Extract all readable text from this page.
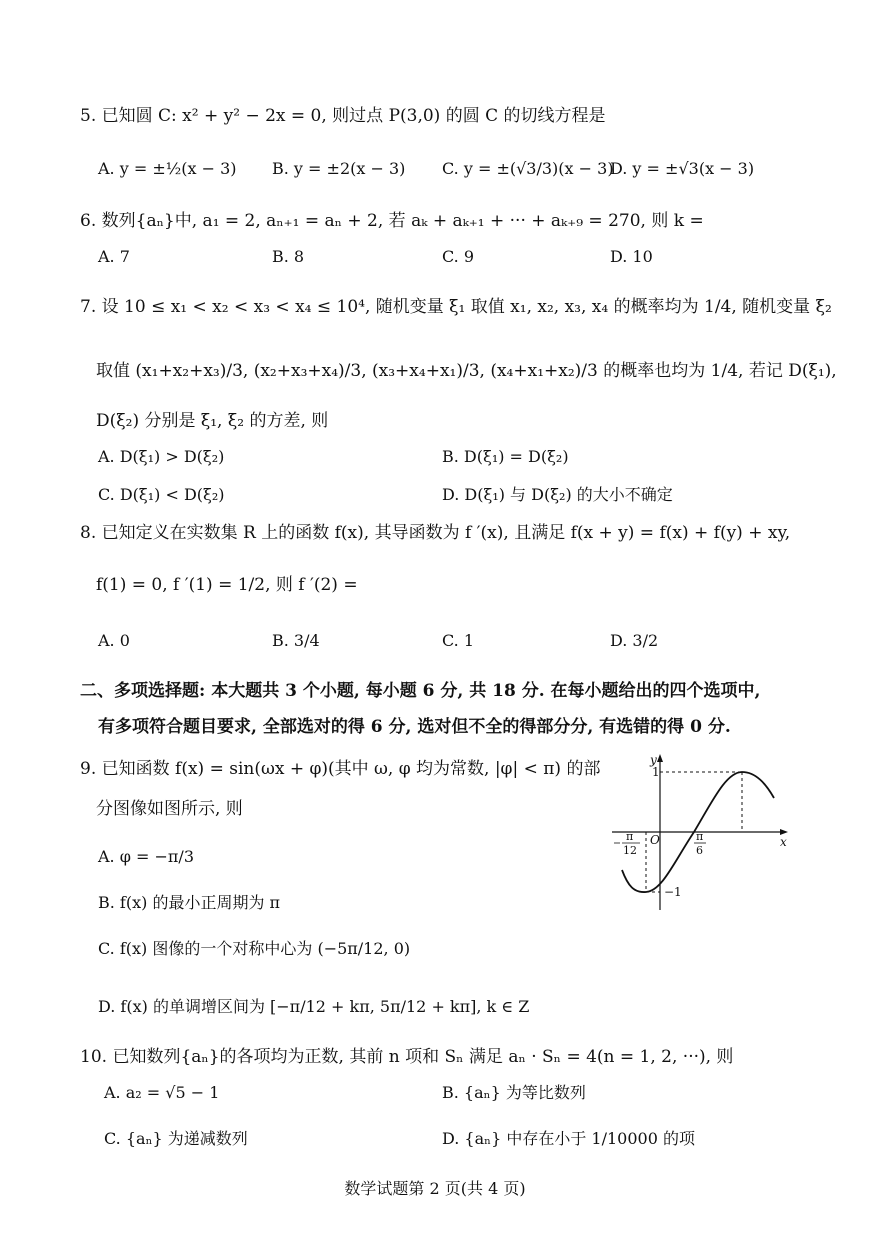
5. 已知圆 C: x² + y² − 2x = 0, 则过点 P(3,0) 的圆 C 的切线方程是
A. y = ±½(x − 3) B. y = ±2(x − 3) C. y = ±(√3/3)(x − 3)
D. y = ±√3(x − 3)
6. 数列{aₙ}中, a₁ = 2, aₙ₊₁ = aₙ + 2, 若 aₖ + aₖ₊₁ + ··· + aₖ₊₉ = 270, 则 k =
A. 7	B. 8	C. 9	D. 10
7. 设 10 ≤ x₁ < x₂ < x₃ < x₄ ≤ 10⁴, 随机变量 ξ₁ 取值 x₁, x₂, x₃, x₄ 的概率均为 1/4, 随机变量 ξ₂
取值 (x₁+x₂+x₃)/3, (x₂+x₃+x₄)/3, (x₃+x₄+x₁)/3, (x₄+x₁+x₂)/3 的概率也均为 1/4, 若记 D(ξ₁),
D(ξ₂) 分别是 ξ₁, ξ₂ 的方差, 则
A. D(ξ₁) > D(ξ₂)	B. D(ξ₁) = D(ξ₂)
C. D(ξ₁) < D(ξ₂)	D. D(ξ₁) 与 D(ξ₂) 的大小不确定
8. 已知定义在实数集 R 上的函数 f(x), 其导函数为 f ′(x), 且满足 f(x + y) = f(x) + f(y) + xy,
f(1) = 0, f ′(1) = 1/2, 则 f ′(2) =
A. 0	B. 3/4	C. 1	D. 3/2
二、多项选择题: 本大题共 3 个小题, 每小题 6 分, 共 18 分. 在每小题给出的四个选项中,
有多项符合题目要求, 全部选对的得 6 分, 选对但不全的得部分分, 有选错的得 0 分.
9. 已知函数 f(x) = sin(ωx + φ)(其中 ω, φ 均为常数, |φ| < π) 的部
分图像如图所示, 则
A. φ = −π/3
B. f(x) 的最小正周期为 π
C. f(x) 图像的一个对称中心为 (−5π/12, 0)
D. f(x) 的单调增区间为 [−π/12 + kπ, 5π/12 + kπ], k ∈ Z
y
x
O
1
−1
π
12
π
6
10. 已知数列{aₙ}的各项均为正数, 其前 n 项和 Sₙ 满足 aₙ · Sₙ = 4(n = 1, 2, ···), 则
A. a₂ = √5 − 1	B. {aₙ} 为等比数列
C. {aₙ} 为递减数列	D. {aₙ} 中存在小于 1/10000 的项
数学试题第 2 页(共 4 页)
